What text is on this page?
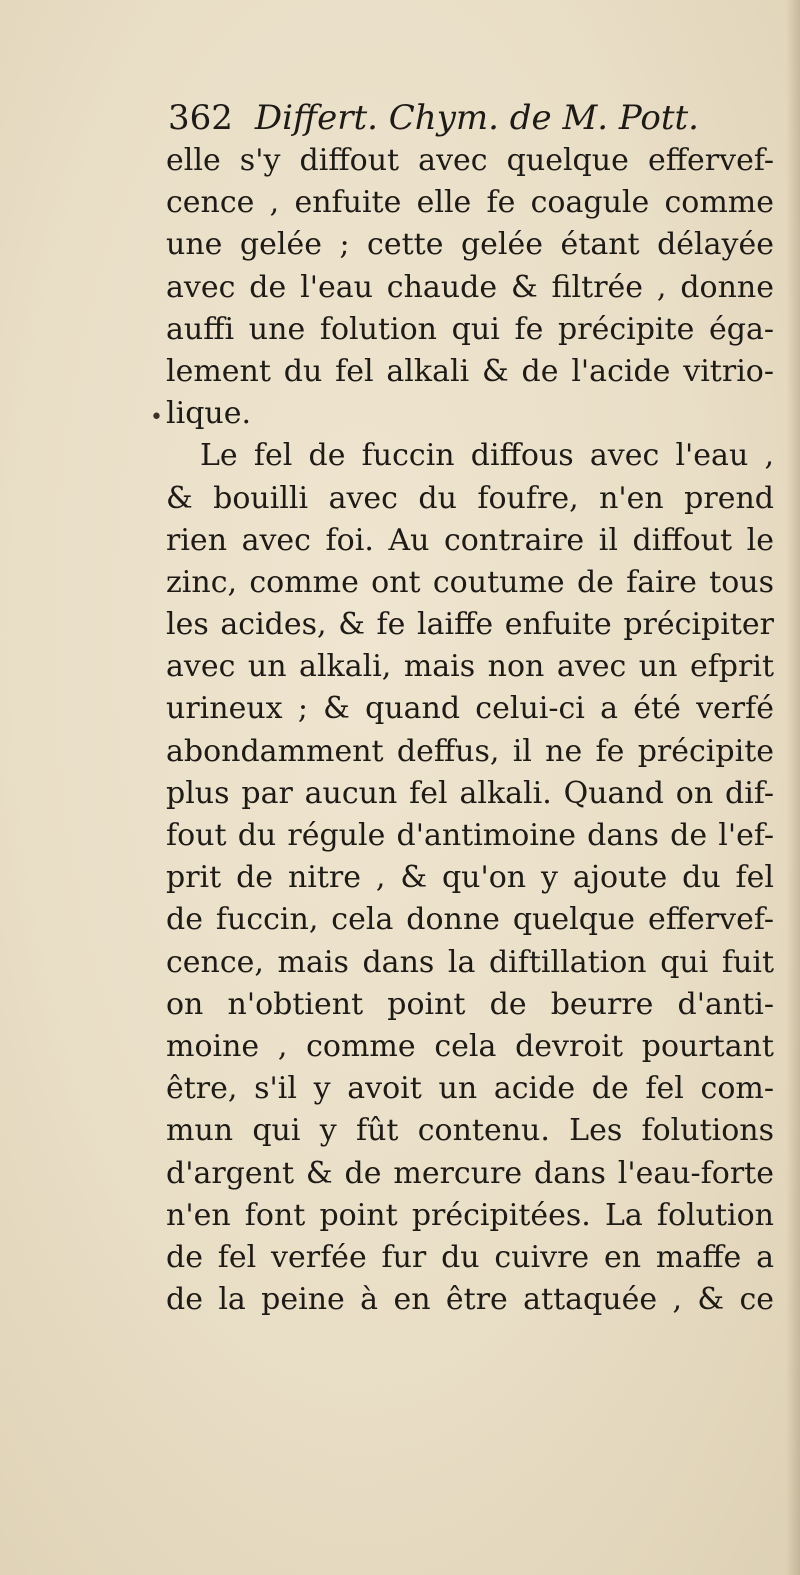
362 Differt. Chym. de M. Pott.
•
elle s'y diffout avec quelque effervef-
cence , enfuite elle fe coagule comme
une gelée ; cette gelée étant délayée
avec de l'eau chaude & filtrée , donne
auffi une folution qui fe précipite éga-
lement du fel alkali & de l'acide vitrio-
lique.
Le fel de fuccin diffous avec l'eau ,
& bouilli avec du foufre, n'en prend
rien avec foi. Au contraire il diffout le
zinc, comme ont coutume de faire tous
les acides, & fe laiffe enfuite précipiter
avec un alkali, mais non avec un efprit
urineux ; & quand celui-ci a été verfé
abondamment deffus, il ne fe précipite
plus par aucun fel alkali. Quand on dif-
fout du régule d'antimoine dans de l'ef-
prit de nitre , & qu'on y ajoute du fel
de fuccin, cela donne quelque effervef-
cence, mais dans la diftillation qui fuit
on n'obtient point de beurre d'anti-
moine , comme cela devroit pourtant
être, s'il y avoit un acide de fel com-
mun qui y fût contenu. Les folutions
d'argent & de mercure dans l'eau-forte
n'en font point précipitées. La folution
de fel verfée fur du cuivre en maffe a
de la peine à en être attaquée , & ce
